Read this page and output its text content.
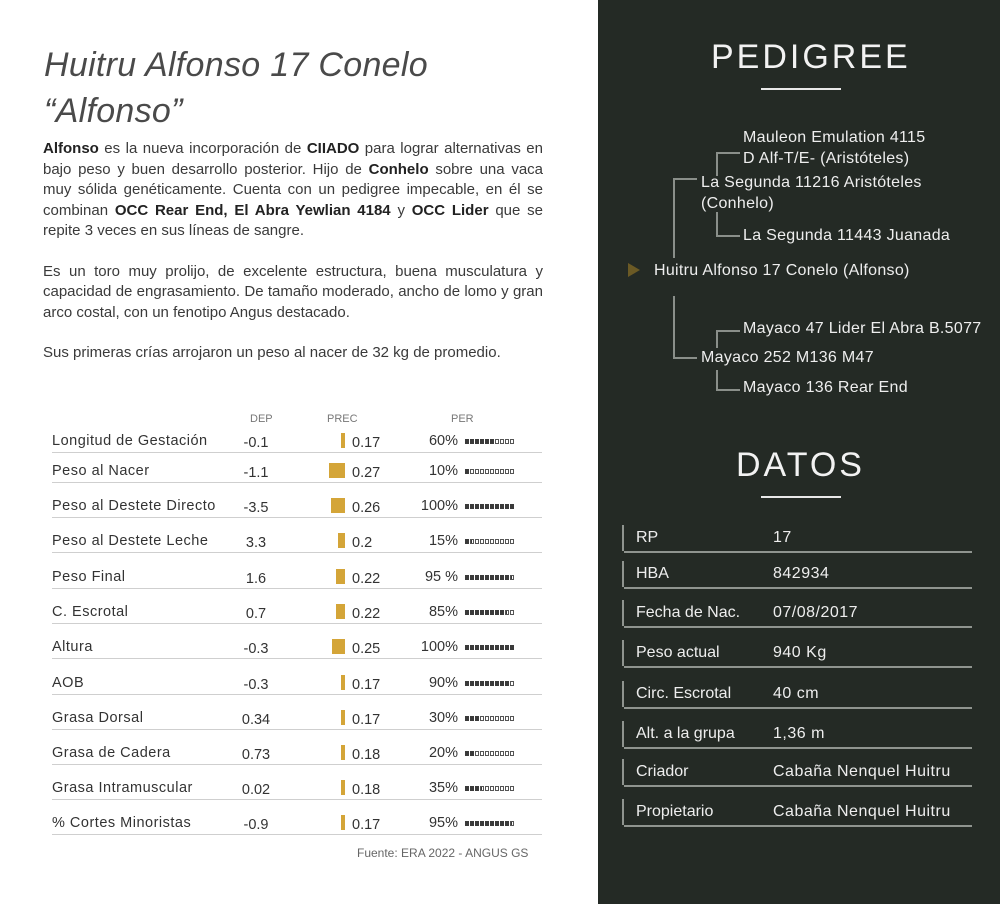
Huitru Alfonso 17 Conelo
“Alfonso”

Alfonso es la nueva incorporación de CIIADO para lograr alternativas en bajo peso y buen desarrollo posterior. Hijo de Conhelo sobre una vaca muy sólida genéticamente. Cuenta con un pedigree impecable, en él se combinan OCC Rear End, El Abra Yewlian 4184 y OCC Lider que se repite 3 veces en sus líneas de sangre.

Es un toro muy prolijo, de excelente estructura, buena musculatura y capacidad de engrasamiento. De tamaño moderado, ancho de lomo y gran arco costal, con un fenotipo Angus destacado.

Sus primeras crías arrojaron un peso al nacer de 32 kg de promedio.

DEP	PREC	PER
Longitud de Gestación	-0.1	0.17	60%
Peso al Nacer	-1.1	0.27	10%
Peso al Destete Directo	-3.5	0.26	100%
Peso al Destete Leche	3.3	0.2	15%
Peso Final	1.6	0.22	95 %
C. Escrotal	0.7	0.22	85%
Altura	-0.3	0.25	100%
AOB	-0.3	0.17	90%
Grasa Dorsal	0.34	0.17	30%
Grasa de Cadera	0.73	0.18	20%
Grasa Intramuscular	0.02	0.18	35%
% Cortes Minoristas	-0.9	0.17	95%
Fuente: ERA 2022 - ANGUS GS
PEDIGREE
Mauleon Emulation 4115
D Alf-T/E- (Aristóteles)
La Segunda 11216 Aristóteles
(Conhelo)
La Segunda 11443 Juanada
Huitru Alfonso 17 Conelo (Alfonso)
Mayaco 47 Lider El Abra B.5077
Mayaco 252 M136 M47
Mayaco 136 Rear End
DATOS
RP	17
HBA	842934
Fecha de Nac. 07/08/2017
Peso actual	940 Kg
Circ. Escrotal	40 cm
Alt. a la grupa 1,36 m
Criador	Cabaña Nenquel Huitru
Propietario	Cabaña Nenquel Huitru
